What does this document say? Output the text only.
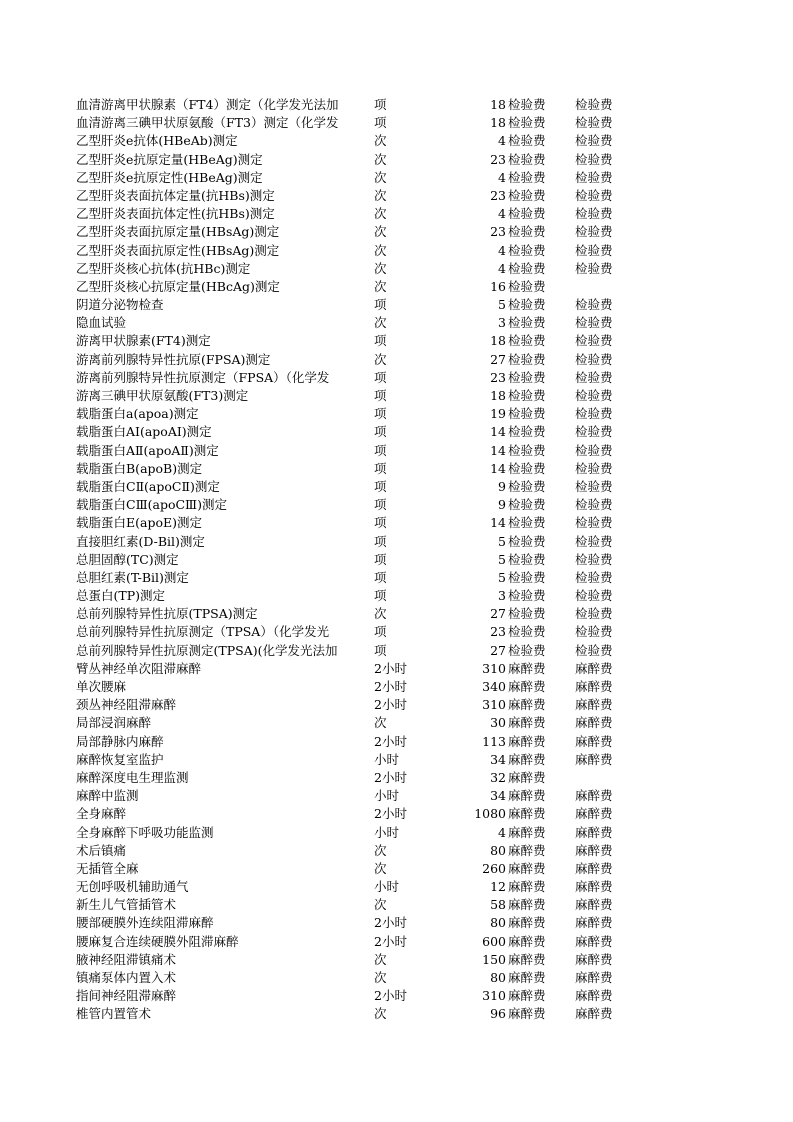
血清游离甲状腺素（FT4）测定（化学发光法加	项	18 检验费	检验费
血清游离三碘甲状原氨酸（FT3）测定（化学发	项	18 检验费	检验费
乙型肝炎e抗体(HBeAb)测定	次	4 检验费	检验费
乙型肝炎e抗原定量(HBeAg)测定	次	23 检验费	检验费
乙型肝炎e抗原定性(HBeAg)测定	次	4 检验费	检验费
乙型肝炎表面抗体定量(抗HBs)测定	次	23 检验费	检验费
乙型肝炎表面抗体定性(抗HBs)测定	次	4 检验费	检验费
乙型肝炎表面抗原定量(HBsAg)测定	次	23 检验费	检验费
乙型肝炎表面抗原定性(HBsAg)测定	次	4 检验费	检验费
乙型肝炎核心抗体(抗HBc)测定	次	4 检验费	检验费
乙型肝炎核心抗原定量(HBcAg)测定	次	16 检验费
阴道分泌物检查	项	5 检验费	检验费
隐血试验	次	3 检验费	检验费
游离甲状腺素(FT4)测定	项	18 检验费	检验费
游离前列腺特异性抗原(FPSA)测定	次	27 检验费	检验费
游离前列腺特异性抗原测定（FPSA）（化学发	项	23 检验费	检验费
游离三碘甲状原氨酸(FT3)测定	项	18 检验费	检验费
载脂蛋白a(apoa)测定	项	19 检验费	检验费
载脂蛋白AⅠ(apoAⅠ)测定	项	14 检验费	检验费
载脂蛋白AⅡ(apoAⅡ)测定	项	14 检验费	检验费
载脂蛋白B(apoB)测定	项	14 检验费	检验费
载脂蛋白CⅡ(apoCⅡ)测定	项	9 检验费	检验费
载脂蛋白CⅢ(apoCⅢ)测定	项	9 检验费	检验费
载脂蛋白E(apoE)测定	项	14 检验费	检验费
直接胆红素(D-Bil)测定	项	5 检验费	检验费
总胆固醇(TC)测定	项	5 检验费	检验费
总胆红素(T-Bil)测定	项	5 检验费	检验费
总蛋白(TP)测定	项	3 检验费	检验费
总前列腺特异性抗原(TPSA)测定	次	27 检验费	检验费
总前列腺特异性抗原测定（TPSA）（化学发光	项	23 检验费	检验费
总前列腺特异性抗原测定(TPSA)(化学发光法加	项	27 检验费	检验费
臂丛神经单次阻滞麻醉	2小时	310 麻醉费	麻醉费
单次腰麻	2小时	340 麻醉费	麻醉费
颈丛神经阻滞麻醉	2小时	310 麻醉费	麻醉费
局部浸润麻醉	次	30 麻醉费	麻醉费
局部静脉内麻醉	2小时	113 麻醉费	麻醉费
麻醉恢复室监护	小时	34 麻醉费	麻醉费
麻醉深度电生理监测	2小时	32 麻醉费
麻醉中监测	小时	34 麻醉费	麻醉费
全身麻醉	2小时	1080 麻醉费	麻醉费
全身麻醉下呼吸功能监测	小时	4 麻醉费	麻醉费
术后镇痛	次	80 麻醉费	麻醉费
无插管全麻	次	260 麻醉费	麻醉费
无创呼吸机辅助通气	小时	12 麻醉费	麻醉费
新生儿气管插管术	次	58 麻醉费	麻醉费
腰部硬膜外连续阻滞麻醉	2小时	80 麻醉费	麻醉费
腰麻复合连续硬膜外阻滞麻醉	2小时	600 麻醉费	麻醉费
腋神经阻滞镇痛术	次	150 麻醉费	麻醉费
镇痛泵体内置入术	次	80 麻醉费	麻醉费
指间神经阻滞麻醉	2小时	310 麻醉费	麻醉费
椎管内置管术	次	96 麻醉费	麻醉费
